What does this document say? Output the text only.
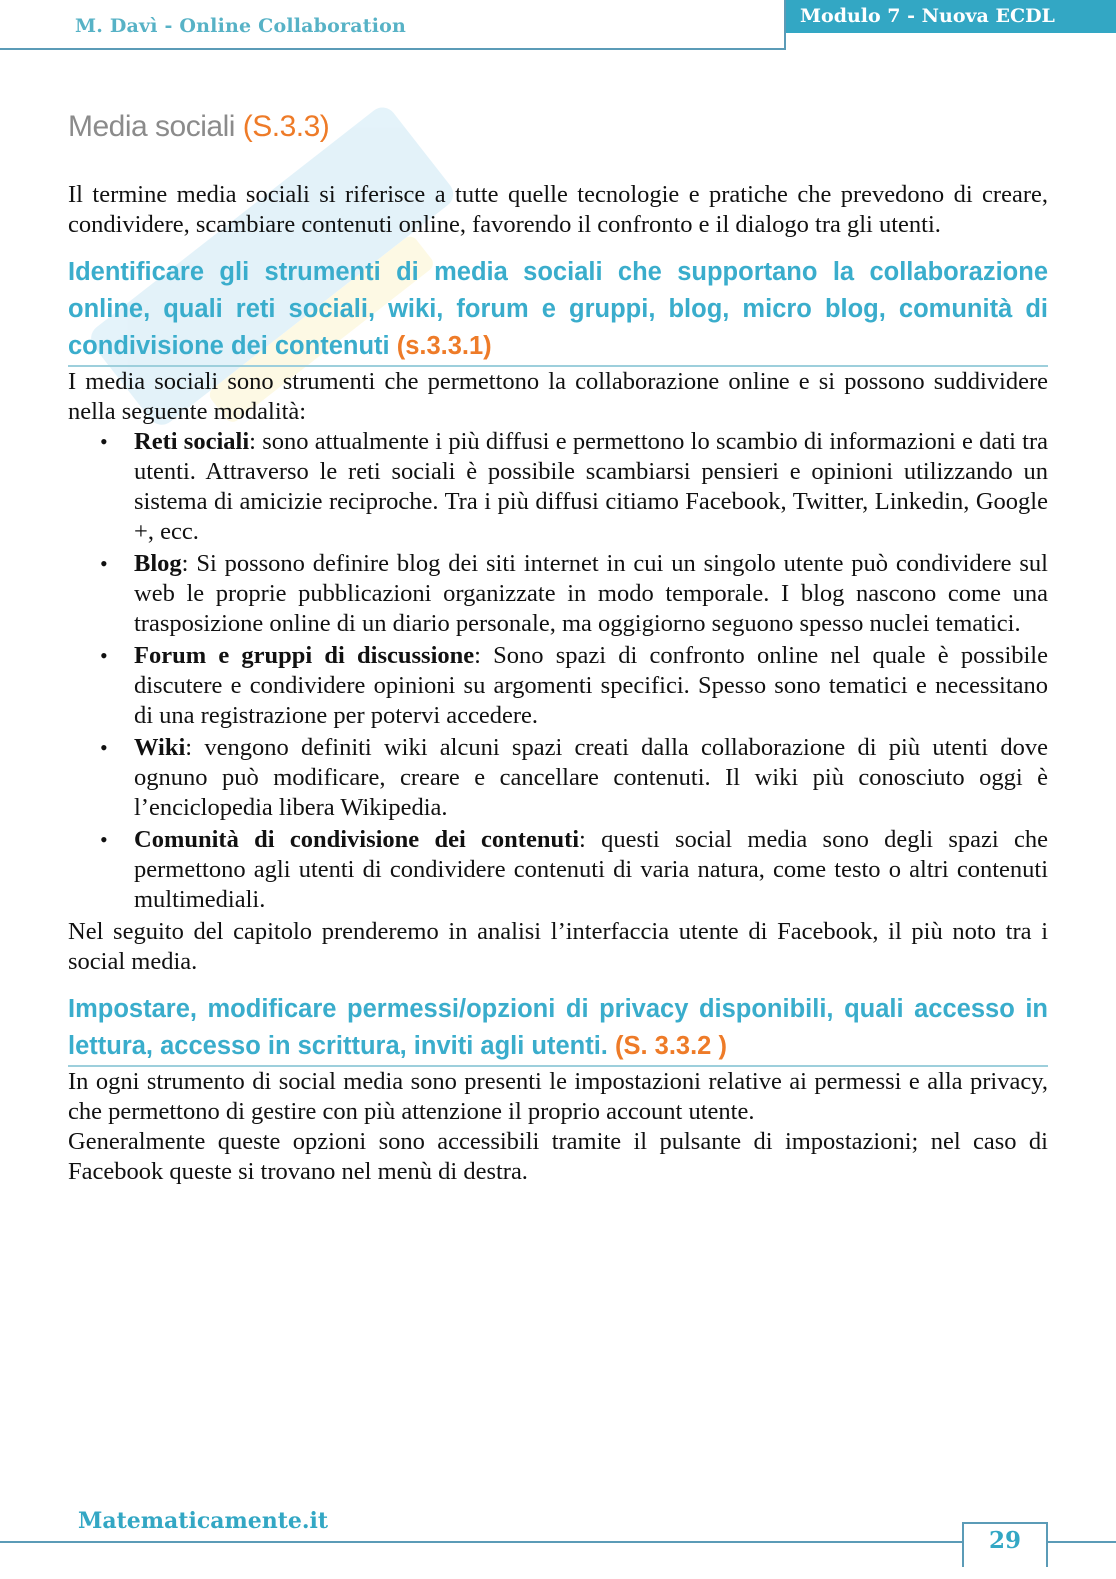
M. Davì - Online Collaboration	Modulo 7 - Nuova ECDL
Media sociali (S.3.3)

Il termine media sociali si riferisce a tutte quelle tecnologie e pratiche che prevedono di creare, condividere, scambiare contenuti online, favorendo il confronto e il dialogo tra gli utenti.

Identificare gli strumenti di media sociali che supportano la collaborazione online, quali reti sociali, wiki, forum e gruppi, blog, micro blog, comunità di condivisione dei contenuti (s.3.3.1)

I media sociali sono strumenti che permettono la collaborazione online e si possono suddividere nella seguente modalità:

• Reti sociali: sono attualmente i più diffusi e permettono lo scambio di informazioni e dati tra utenti. Attraverso le reti sociali è possibile scambiarsi pensieri e opinioni utilizzando un sistema di amicizie reciproche. Tra i più diffusi citiamo Facebook, Twitter, Linkedin, Google +, ecc.
• Blog: Si possono definire blog dei siti internet in cui un singolo utente può condividere sul web le proprie pubblicazioni organizzate in modo temporale. I blog nascono come una trasposizione online di un diario personale, ma oggigiorno seguono spesso nuclei tematici.
• Forum e gruppi di discussione: Sono spazi di confronto online nel quale è possibile discutere e condividere opinioni su argomenti specifici. Spesso sono tematici e necessitano di una registrazione per potervi accedere.
• Wiki: vengono definiti wiki alcuni spazi creati dalla collaborazione di più utenti dove ognuno può modificare, creare e cancellare contenuti. Il wiki più conosciuto oggi è l’enciclopedia libera Wikipedia.
• Comunità di condivisione dei contenuti: questi social media sono degli spazi che permettono agli utenti di condividere contenuti di varia natura, come testo o altri contenuti multimediali.

Nel seguito del capitolo prenderemo in analisi l’interfaccia utente di Facebook, il più noto tra i social media.

Impostare, modificare permessi/opzioni di privacy disponibili, quali accesso in lettura, accesso in scrittura, inviti agli utenti. (S. 3.3.2 )

In ogni strumento di social media sono presenti le impostazioni relative ai permessi e alla privacy, che permettono di gestire con più attenzione il proprio account utente.

Generalmente queste opzioni sono accessibili tramite il pulsante di impostazioni; nel caso di Facebook queste si trovano nel menù di destra.

Matematicamente.it
29
